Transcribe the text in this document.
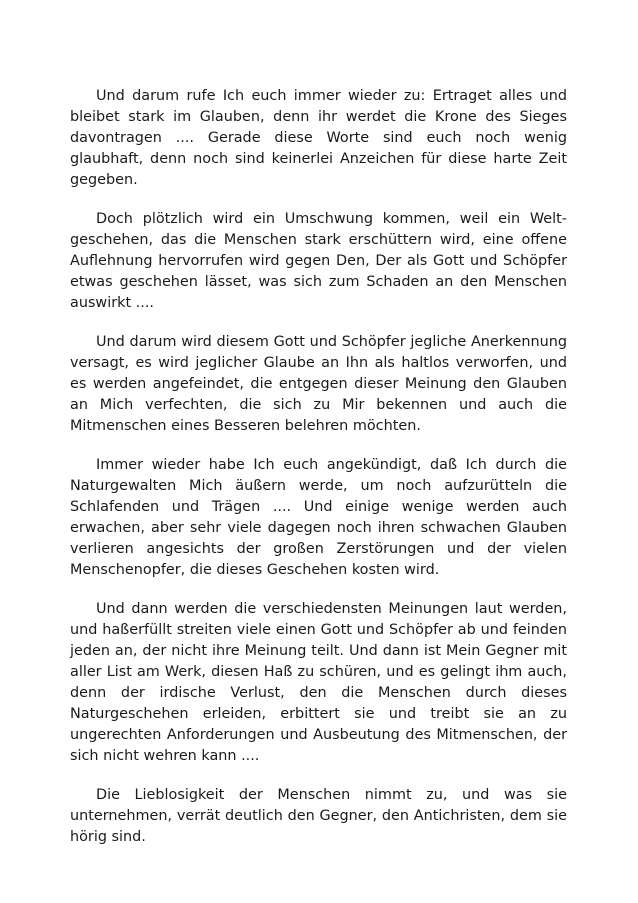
Und darum rufe Ich euch immer wieder zu: Ertraget alles und bleibet stark im Glauben, denn ihr werdet die Krone des Sieges davontragen .... Gerade diese Worte sind euch noch wenig glaubhaft, denn noch sind keinerlei Anzeichen für diese harte Zeit gegeben.

Doch plötzlich wird ein Umschwung kommen, weil ein Welt-geschehen, das die Menschen stark erschüttern wird, eine offene Auflehnung hervorrufen wird gegen Den, Der als Gott und Schöpfer etwas geschehen lässet, was sich zum Schaden an den Menschen auswirkt ....

Und darum wird diesem Gott und Schöpfer jegliche Anerkennung versagt, es wird jeglicher Glaube an Ihn als haltlos verworfen, und es werden angefeindet, die entgegen dieser Meinung den Glauben an Mich verfechten, die sich zu Mir bekennen und auch die Mitmenschen eines Besseren belehren möchten.

Immer wieder habe Ich euch angekündigt, daß Ich durch die Naturgewalten Mich äußern werde, um noch aufzurütteln die Schlafenden und Trägen .... Und einige wenige werden auch erwachen, aber sehr viele dagegen noch ihren schwachen Glauben verlieren angesichts der großen Zerstörungen und der vielen Menschenopfer, die dieses Geschehen kosten wird.

Und dann werden die verschiedensten Meinungen laut werden, und haßerfüllt streiten viele einen Gott und Schöpfer ab und feinden jeden an, der nicht ihre Meinung teilt. Und dann ist Mein Gegner mit aller List am Werk, diesen Haß zu schüren, und es gelingt ihm auch, denn der irdische Verlust, den die Menschen durch dieses Naturgeschehen erleiden, erbittert sie und treibt sie an zu ungerechten Anforderungen und Ausbeutung des Mitmenschen, der sich nicht wehren kann ....

Die Lieblosigkeit der Menschen nimmt zu, und was sie unternehmen, verrät deutlich den Gegner, den Antichristen, dem sie hörig sind.
